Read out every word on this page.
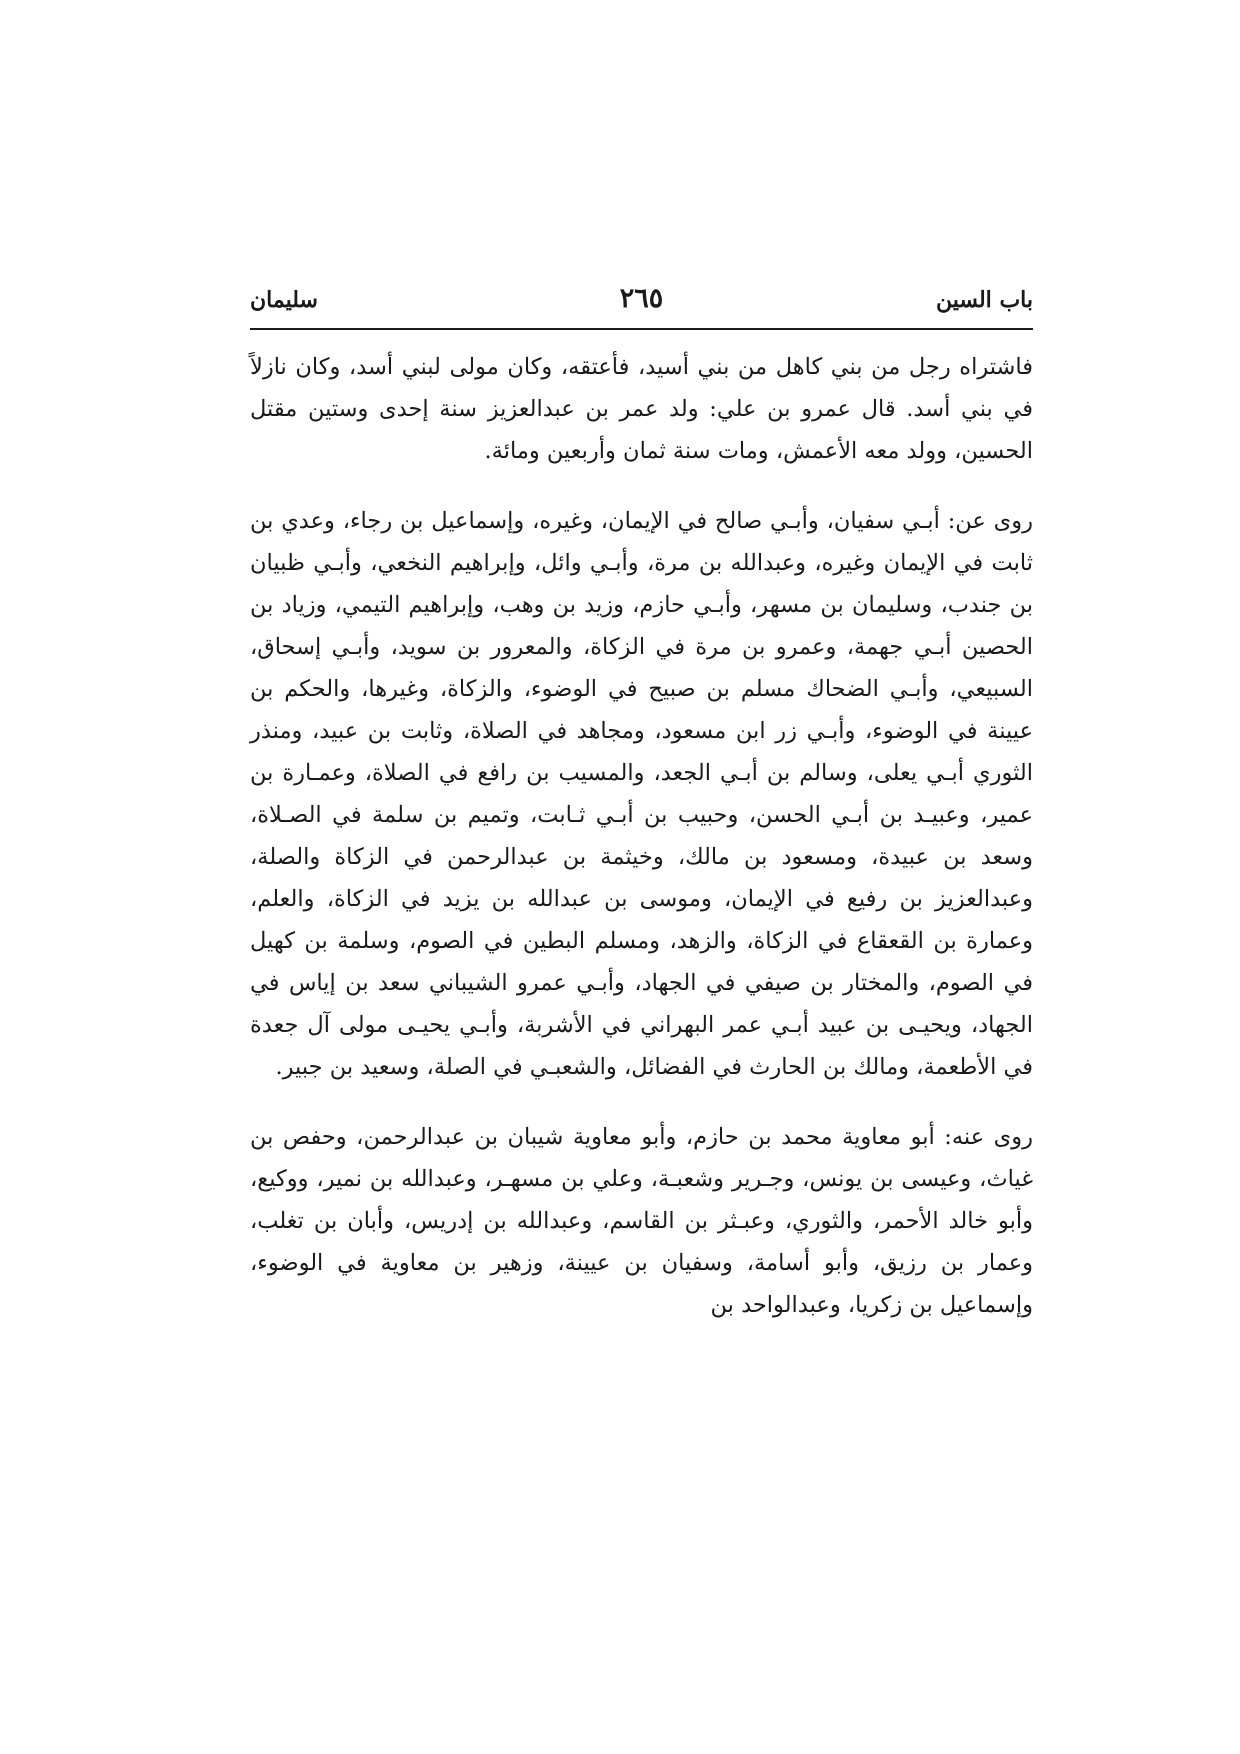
باب السين
٢٦٥
سليمان

فاشتراه رجل من بني كاهل من بني أسيد، فأعتقه، وكان مولى لبني أسد، وكان نازلاً في بني أسد. قال عمرو بن علي: ولد عمر بن عبدالعزيز سنة إحدى وستين مقتل الحسين، وولد معه الأعمش، ومات سنة ثمان وأربعين ومائة.

روى عن: أبـي سفيان، وأبـي صالح في الإيمان، وغيره، وإسماعيل بن رجاء، وعدي بن ثابت في الإيمان وغيره، وعبدالله بن مرة، وأبـي وائل، وإبراهيم النخعي، وأبـي ظبيان بن جندب، وسليمان بن مسهر، وأبـي حازم، وزيد بن وهب، وإبراهيم التيمي، وزياد بن الحصين أبـي جهمة، وعمرو بن مرة في الزكاة، والمعرور بن سويد، وأبـي إسحاق، السبيعي، وأبـي الضحاك مسلم بن صبيح في الوضوء، والزكاة، وغيرها، والحكم بن عيينة في الوضوء، وأبـي زر ابن مسعود، ومجاهد في الصلاة، وثابت بن عبيد، ومنذر الثوري أبـي يعلى، وسالم بن أبـي الجعد، والمسيب بن رافع في الصلاة، وعمـارة بن عمير، وعبيـد بن أبـي الحسن، وحبيب بن أبـي ثـابت، وتميم بن سلمة في الصـلاة، وسعد بن عبيدة، ومسعود بن مالك، وخيثمة بن عبدالرحمن في الزكاة والصلة، وعبدالعزيز بن رفيع في الإيمان، وموسى بن عبدالله بن يزيد في الزكاة، والعلم، وعمارة بن القعقاع في الزكاة، والزهد، ومسلم البطين في الصوم، وسلمة بن كهيل في الصوم، والمختار بن صيفي في الجهاد، وأبـي عمرو الشيباني سعد بن إياس في الجهاد، ويحيـى بن عبيد أبـي عمر البهراني في الأشربة، وأبـي يحيـى مولى آل جعدة في الأطعمة، ومالك بن الحارث في الفضائل، والشعبـي في الصلة، وسعيد بن جبير.

روى عنه: أبو معاوية محمد بن حازم، وأبو معاوية شيبان بن عبدالرحمن، وحفص بن غياث، وعيسى بن يونس، وجـرير وشعبـة، وعلي بن مسهـر، وعبدالله بن نمير، ووكيع، وأبو خالد الأحمر، والثوري، وعبـثر بن القاسم، وعبدالله بن إدريس، وأبان بن تغلب، وعمار بن رزيق، وأبو أسامة، وسفيان بن عيينة، وزهير بن معاوية في الوضوء، وإسماعيل بن زكريا، وعبدالواحد بن
